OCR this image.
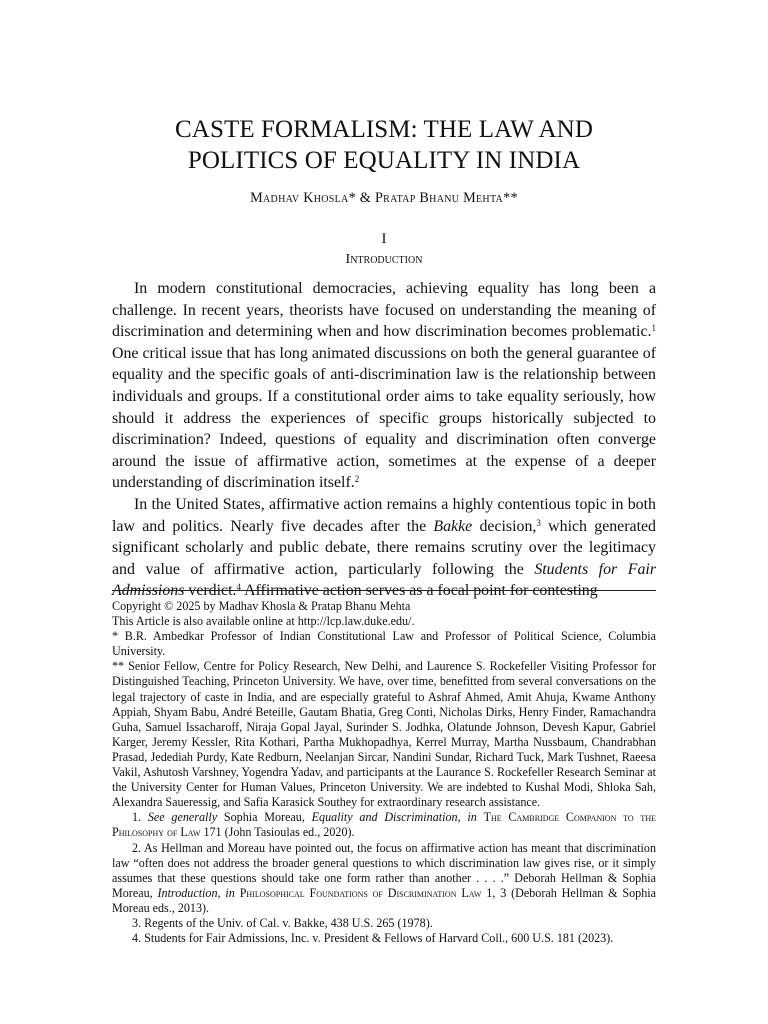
CASTE FORMALISM: THE LAW AND
POLITICS OF EQUALITY IN INDIA
Madhav Khosla* & Pratap Bhanu Mehta**
I
Introduction

In modern constitutional democracies, achieving equality has long been a challenge. In recent years, theorists have focused on understanding the meaning of discrimination and determining when and how discrimination becomes problematic.$^1$ One critical issue that has long animated discussions on both the general guarantee of equality and the specific goals of anti-discrimination law is the relationship between individuals and groups. If a constitutional order aims to take equality seriously, how should it address the experiences of specific groups historically subjected to discrimination? Indeed, questions of equality and discrimination often converge around the issue of affirmative action, sometimes at the expense of a deeper understanding of discrimination itself.$^2$

In the United States, affirmative action remains a highly contentious topic in both law and politics. Nearly five decades after the Bakke decision,$^3$ which generated significant scholarly and public debate, there remains scrutiny over the legitimacy and value of affirmative action, particularly following the Students for Fair Admissions verdict.$^4$ Affirmative action serves as a focal point for contesting

Copyright © 2025 by Madhav Khosla & Pratap Bhanu Mehta

This Article is also available online at http://lcp.law.duke.edu/.

* B.R. Ambedkar Professor of Indian Constitutional Law and Professor of Political Science, Columbia University.

** Senior Fellow, Centre for Policy Research, New Delhi, and Laurence S. Rockefeller Visiting Professor for Distinguished Teaching, Princeton University. We have, over time, benefitted from several conversations on the legal trajectory of caste in India, and are especially grateful to Ashraf Ahmed, Amit Ahuja, Kwame Anthony Appiah, Shyam Babu, André Beteille, Gautam Bhatia, Greg Conti, Nicholas Dirks, Henry Finder, Ramachandra Guha, Samuel Issacharoff, Niraja Gopal Jayal, Surinder S. Jodhka, Olatunde Johnson, Devesh Kapur, Gabriel Karger, Jeremy Kessler, Rita Kothari, Partha Mukhopadhya, Kerrel Murray, Martha Nussbaum, Chandrabhan Prasad, Jedediah Purdy, Kate Redburn, Neelanjan Sircar, Nandini Sundar, Richard Tuck, Mark Tushnet, Raeesa Vakil, Ashutosh Varshney, Yogendra Yadav, and participants at the Laurance S. Rockefeller Research Seminar at the University Center for Human Values, Princeton University. We are indebted to Kushal Modi, Shloka Sah, Alexandra Saueressig, and Safia Karasick Southey for extraordinary research assistance.

1. See generally Sophia Moreau, Equality and Discrimination, in The Cambridge Companion to the Philosophy of Law 171 (John Tasioulas ed., 2020).

2. As Hellman and Moreau have pointed out, the focus on affirmative action has meant that discrimination law “often does not address the broader general questions to which discrimination law gives rise, or it simply assumes that these questions should take one form rather than another . . . .” Deborah Hellman & Sophia Moreau, Introduction, in Philosophical Foundations of Discrimination Law 1, 3 (Deborah Hellman & Sophia Moreau eds., 2013).

3. Regents of the Univ. of Cal. v. Bakke, 438 U.S. 265 (1978).

4. Students for Fair Admissions, Inc. v. President & Fellows of Harvard Coll., 600 U.S. 181 (2023).
